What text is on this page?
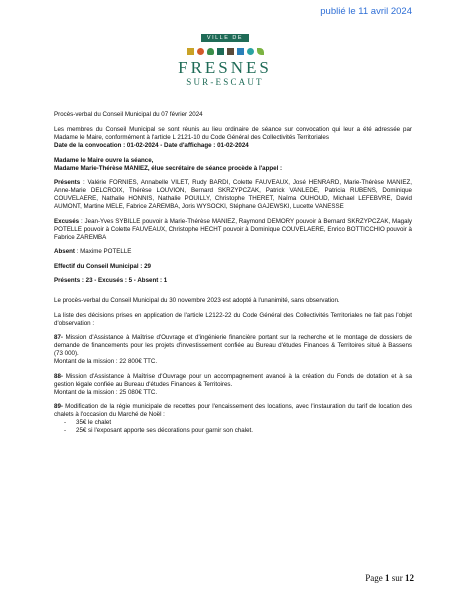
publié le 11 avril 2024
VILLE DE
FRESNES
SUR-ESCAUT

Procès-verbal du Conseil Municipal du 07 février 2024

Les membres du Conseil Municipal se sont réunis au lieu ordinaire de séance sur convocation qui leur a été adressée par Madame le Maire, conformément à l'article L 2121-10 du Code Général des Collectivités Territoriales
Date de la convocation : 01-02-2024 - Date d'affichage : 01-02-2024

Madame le Maire ouvre la séance,
Madame Marie-Thérèse MANIEZ, élue secrétaire de séance procède à l'appel :

Présents : Valérie FORNIES, Annabelle VILET, Rudy BARDI, Colette FAUVEAUX, José HENRARD, Marie-Thérèse MANIEZ, Anne-Marie DELCROIX, Thérèse LOUVION, Bernard SKRZYPCZAK, Patrick VANLEDE, Patricia RUBENS, Dominique COUVELAERE, Nathalie HONNIS, Nathalie POUILLY, Christophe THERET, Naïma OUHOUD, Michael LEFEBVRE, David AUMONT, Martine MELE, Fabrice ZAREMBA, Joris WYSOCKI, Stéphane GAJEWSKI, Lucette VANESSE

Excusés : Jean-Yves SYBILLE pouvoir à Marie-Thérèse MANIEZ, Raymond DEMORY pouvoir à Bernard SKRZYPCZAK, Magaly POTELLE pouvoir à Colette FAUVEAUX, Christophe HECHT pouvoir à Dominique COUVELAERE, Enrico BOTTICCHIO pouvoir à Fabrice ZAREMBA

Absent : Maxime POTELLE

Effectif du Conseil Municipal : 29

Présents : 23 - Excusés : 5 - Absent : 1

Le procès-verbal du Conseil Municipal du 30 novembre 2023 est adopté à l'unanimité, sans observation.

La liste des décisions prises en application de l'article L2122-22 du Code Général des Collectivités Territoriales ne fait pas l'objet d'observation :

87- Mission d'Assistance à Maîtrise d'Ouvrage et d'ingénierie financière portant sur la recherche et le montage de dossiers de demande de financements pour les projets d'investissement confiée au Bureau d'études Finances & Territoires situé à Bassens (73 000).
Montant de la mission : 22 800€ TTC.

88- Mission d'Assistance à Maîtrise d'Ouvrage pour un accompagnement avancé à la création du Fonds de dotation et à sa gestion légale confiée au Bureau d'études Finances & Territoires.
Montant de la mission : 25 080€ TTC.

89- Modification de la régie municipale de recettes pour l'encaissement des locations, avec l'instauration du tarif de location des chalets à l'occasion du Marché de Noël :

- 35€ le chalet
- 25€ si l'exposant apporte ses décorations pour garnir son chalet.
Page 1 sur 12
